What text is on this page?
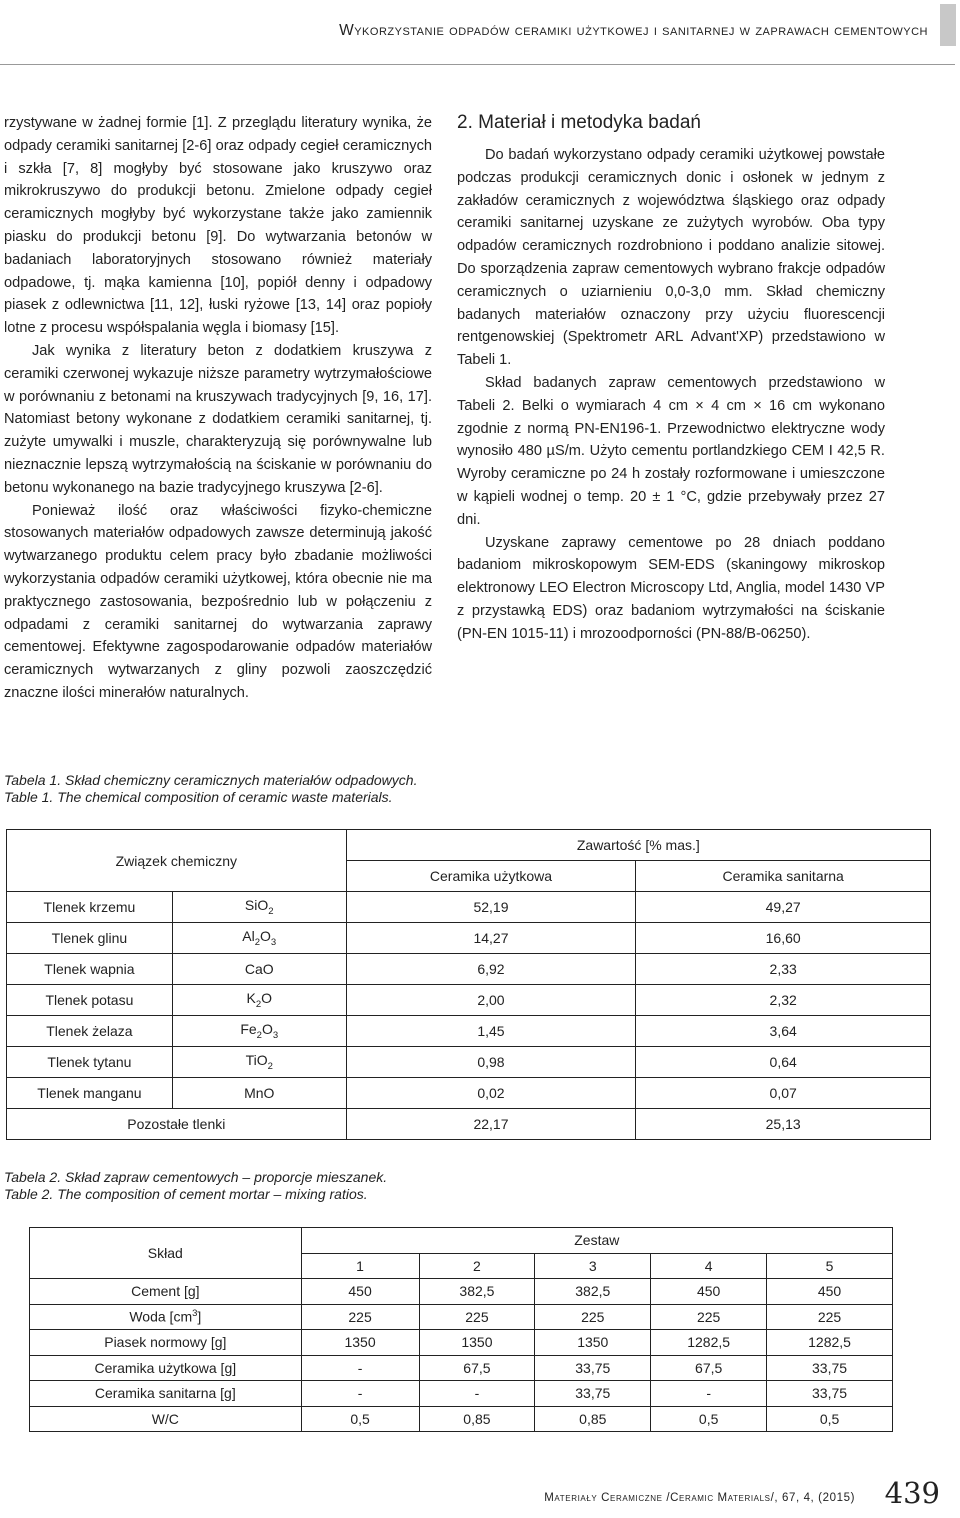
Wykorzystanie odpadów ceramiki użytkowej i sanitarnej w zaprawach cementowych

rzystywane w żadnej formie [1]. Z przeglądu literatury wynika, że odpady ceramiki sanitarnej [2-6] oraz odpady cegieł ceramicznych i szkła [7, 8] mogłyby być stosowane jako kruszywo oraz mikrokruszywo do produkcji betonu. Zmielone odpady cegieł ceramicznych mogłyby być wykorzystane także jako zamiennik piasku do produkcji betonu [9]. Do wytwarzania betonów w badaniach laboratoryjnych stosowano również materiały odpadowe, tj. mąka kamienna [10], popiół denny i odpadowy piasek z odlewnictwa [11, 12], łuski ryżowe [13, 14] oraz popioły lotne z procesu współspalania węgla i biomasy [15].

Jak wynika z literatury beton z dodatkiem kruszywa z ceramiki czerwonej wykazuje niższe parametry wytrzymałościowe w porównaniu z betonami na kruszywach tradycyjnych [9, 16, 17]. Natomiast betony wykonane z dodatkiem ceramiki sanitarnej, tj. zużyte umywalki i muszle, charakteryzują się porównywalne lub nieznacznie lepszą wytrzymałością na ściskanie w porównaniu do betonu wykonanego na bazie tradycyjnego kruszywa [2-6].

Ponieważ ilość oraz właściwości fizyko-chemiczne stosowanych materiałów odpadowych zawsze determinują jakość wytwarzanego produktu celem pracy było zbadanie możliwości wykorzystania odpadów ceramiki użytkowej, która obecnie nie ma praktycznego zastosowania, bezpośrednio lub w połączeniu z odpadami z ceramiki sanitarnej do wytwarzania zaprawy cementowej. Efektywne zagospodarowanie odpadów materiałów ceramicznych wytwarzanych z gliny pozwoli zaoszczędzić znaczne ilości minerałów naturalnych.

2. Materiał i metodyka badań

Do badań wykorzystano odpady ceramiki użytkowej powstałe podczas produkcji ceramicznych donic i osłonek w jednym z zakładów ceramicznych z województwa śląskiego oraz odpady ceramiki sanitarnej uzyskane ze zużytych wyrobów. Oba typy odpadów ceramicznych rozdrobniono i poddano analizie sitowej. Do sporządzenia zapraw cementowych wybrano frakcje odpadów ceramicznych o uziarnieniu 0,0-3,0 mm. Skład chemiczny badanych materiałów oznaczony przy użyciu fluorescencji rentgenowskiej (Spektrometr ARL Advant'XP) przedstawiono w Tabeli 1.

Skład badanych zapraw cementowych przedstawiono w Tabeli 2. Belki o wymiarach 4 cm × 4 cm × 16 cm wykonano zgodnie z normą PN-EN196-1. Przewodnictwo elektryczne wody wynosiło 480 µS/m. Użyto cementu portlandzkiego CEM I 42,5 R. Wyroby ceramiczne po 24 h zostały rozformowane i umieszczone w kąpieli wodnej o temp. 20 ± 1 °C, gdzie przebywały przez 27 dni.

Uzyskane zaprawy cementowe po 28 dniach poddano badaniom mikroskopowym SEM-EDS (skaningowy mikroskop elektronowy LEO Electron Microscopy Ltd, Anglia, model 1430 VP z przystawką EDS) oraz badaniom wytrzymałości na ściskanie (PN-EN 1015-11) i mrozoodporności (PN-88/B-06250).

Tabela 1. Skład chemiczny ceramicznych materiałów odpadowych.
Table 1. The chemical composition of ceramic waste materials.
Związek chemiczny		Zawartość [% mas.]	
		Ceramika użytkowa	Ceramika sanitarna
Tlenek krzemu	SiO$_2$	52,19	49,27
Tlenek glinu	$Al_2O_3$	14,27	16,60
Tlenek wapnia	CaO	6,92	2,33
Tlenek potasu	$K_2O$	2,00	2,32
Tlenek żelaza	$Fe_2O_3$	1,45	3,64
Tlenek tytanu	TiO$_2$	0,98	0,64
Tlenek manganu	MnO	0,02	0,07
Pozostałe tlenki		22,17	25,13
Tabela 2. Skład zapraw cementowych – proporcje mieszanek.
Table 2. The composition of cement mortar – mixing ratios.
Skład	Zestaw				
	1	2	3	4	5
Cement [g]	450	382,5	382,5	450	450
Woda $[cm^3]$	225	225	225	225	225
Piasek normowy [g]	1350	1350	1350	1282,5	1282,5
Ceramika użytkowa [g]	-	67,5	33,75	67,5	33,75
Ceramika sanitarna [g]	-	-	33,75	-	33,75
W/C	0,5	0,85	0,85	0,5	0,5
Materiały Ceramiczne /Ceramic Materials/, 67, 4, (2015) 439
